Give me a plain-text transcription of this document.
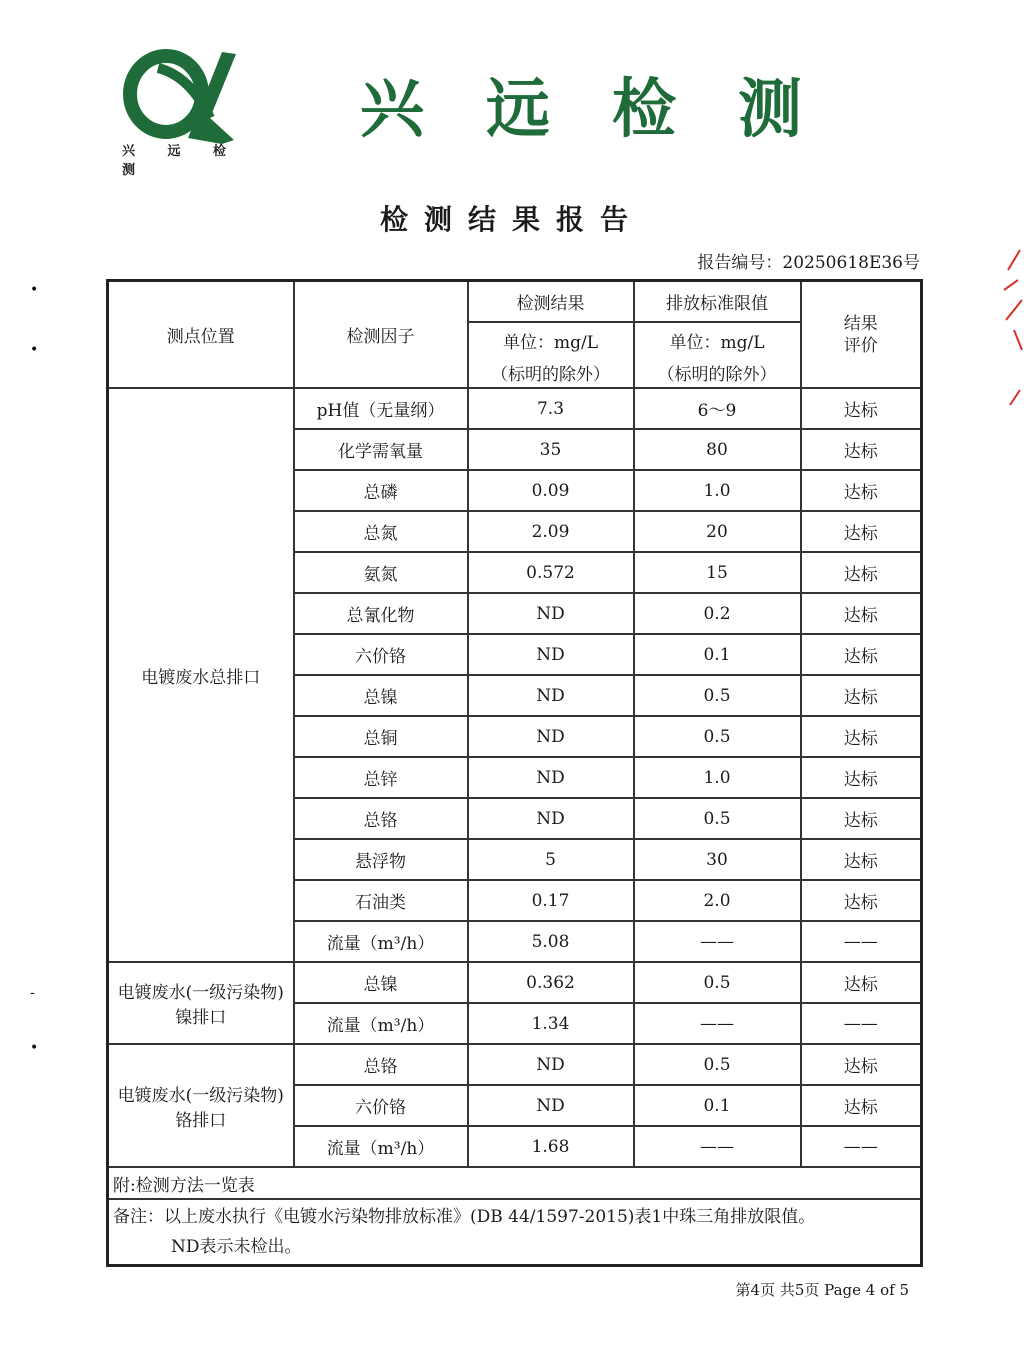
兴 远 检 测
兴远检测
检测结果报告
报告编号：20250618E36号
•
•
-
•
测点位置	检测因子	检测结果	排放标准限值	结果
评价
		单位：mg/L	单位：mg/L	
		（标明的除外）	（标明的除外）	
电镀废水总排口	pH值（无量纲）	7.3	6～9	达标
	化学需氧量	35	80	达标
	总磷	0.09	1.0	达标
	总氮	2.09	20	达标
	氨氮	0.572	15	达标
	总氰化物	ND	0.2	达标
	六价铬	ND	0.1	达标
	总镍	ND	0.5	达标
	总铜	ND	0.5	达标
	总锌	ND	1.0	达标
	总铬	ND	0.5	达标
	悬浮物	5	30	达标
	石油类	0.17	2.0	达标
	流量（m³/h）	5.08	——	——
电镀废水(一级污染物)镍排口	总镍	0.362	0.5	达标
	流量（m³/h）	1.34	——	——
电镀废水(一级污染物)铬排口	总铬	ND	0.5	达标
	六价铬	ND	0.1	达标
	流量（m³/h）	1.68	——	——
附:检测方法一览表				

备注：以上废水执行《电镀水污染物排放标准》(DB 44/1597-2015)表1中珠三角排放限值。
ND表示未检出。				
第4页 共5页 Page 4 of 5
